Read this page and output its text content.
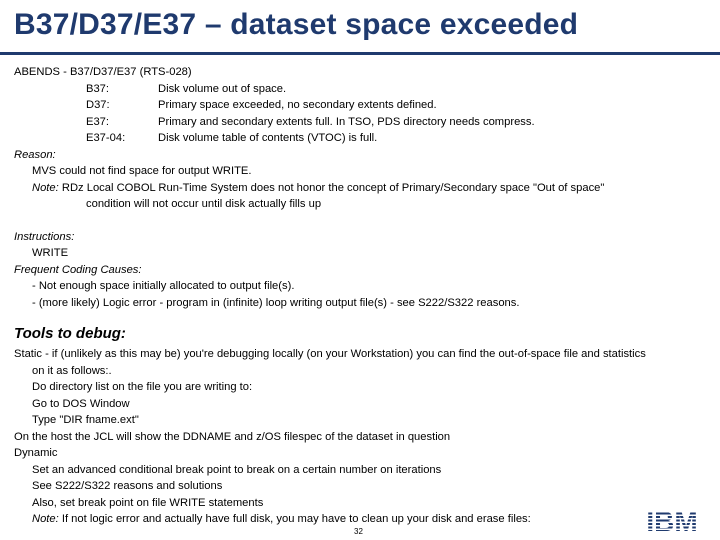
B37/D37/E37 – dataset space exceeded
ABENDS - B37/D37/E37 (RTS-028)
B37:	Disk volume out of space.
D37:	Primary space exceeded, no secondary extents defined.
E37:	Primary and secondary extents full. In TSO, PDS directory needs compress.
E37-04:	Disk volume table of contents (VTOC) is full.
Reason:
MVS could not find space for output WRITE.
Note: RDz Local COBOL Run-Time System does not honor the concept of Primary/Secondary space "Out of space"
condition will not occur until disk actually fills up
Instructions:
WRITE
Frequent Coding Causes:
- Not enough space initially allocated to output file(s).
- (more likely) Logic error - program in (infinite) loop writing output file(s) - see S222/S322 reasons.
Tools to debug:
Static - if (unlikely as this may be) you're debugging locally (on your Workstation) you can find the out-of-space file and statistics
on it as follows:.
Do directory list on the file you are writing to:
Go to DOS Window
Type "DIR fname.ext"
On the host the JCL will show the DDNAME and z/OS filespec of the dataset in question
Dynamic
Set an advanced conditional break point to break on a certain number on iterations
See S222/S322 reasons and solutions
Also, set break point on file WRITE statements
Note: If not logic error and actually have full disk, you may have to clean up your disk and erase files:
32
